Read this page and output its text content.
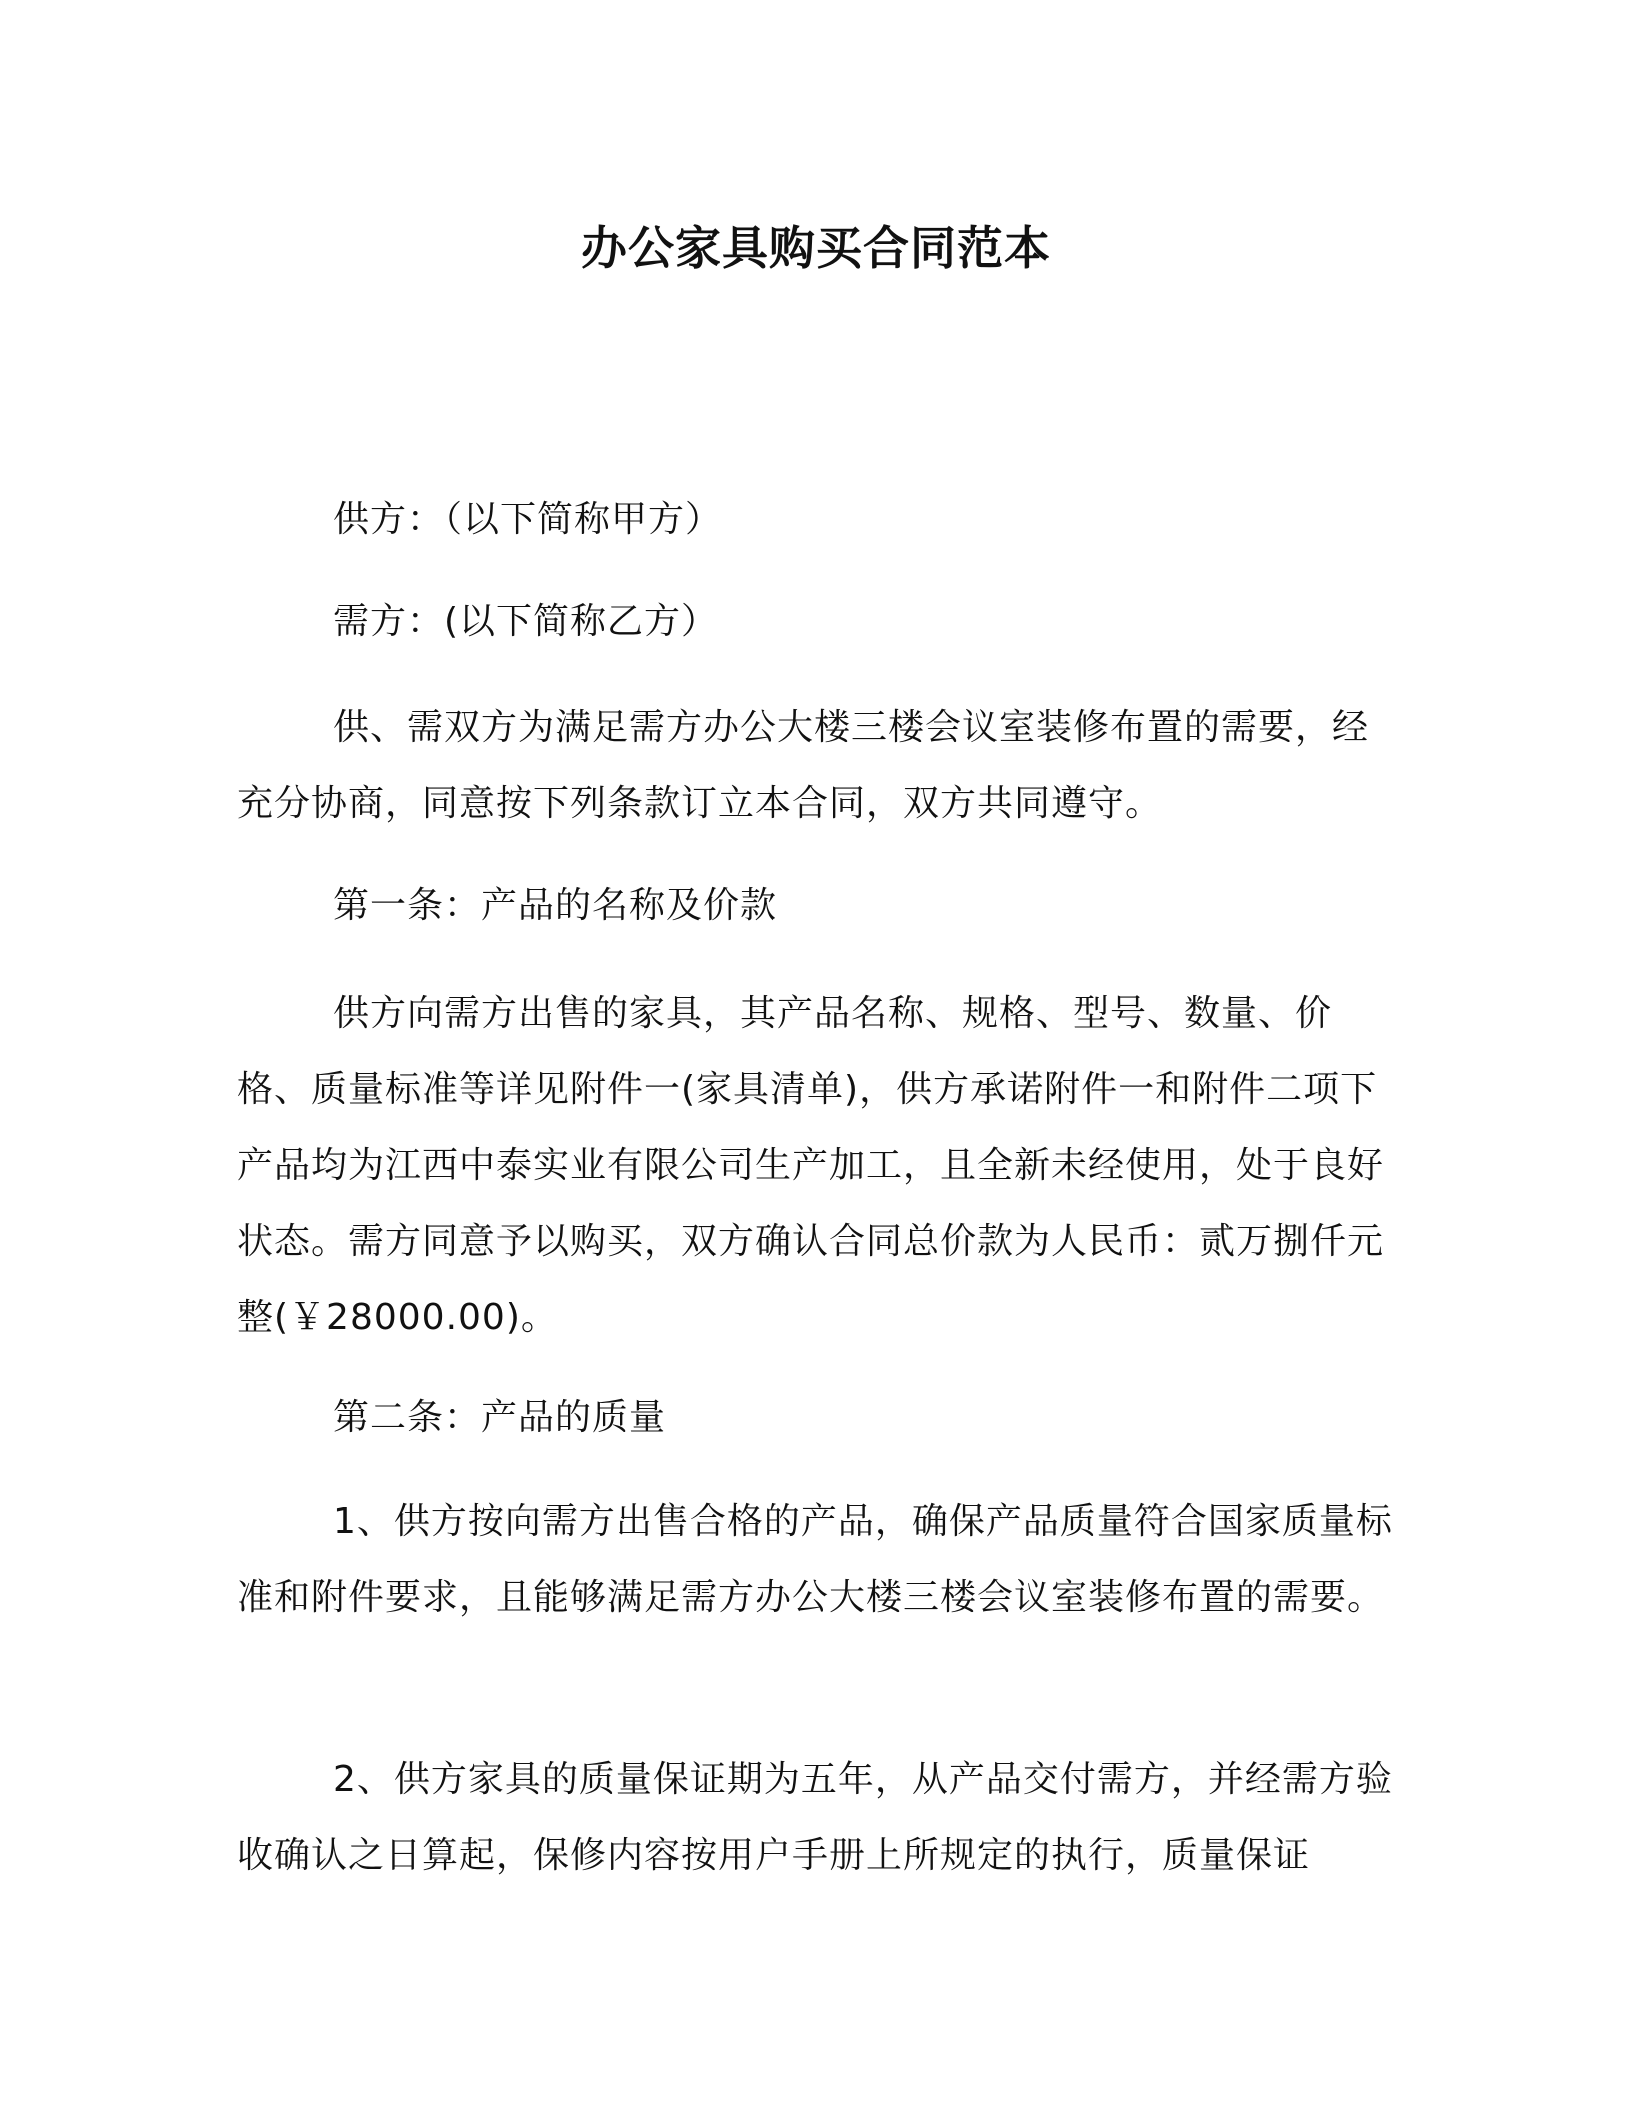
办公家具购买合同范本

供方：（以下简称甲方）

需方：(以下简称乙方）

供、需双方为满足需方办公大楼三楼会议室装修布置的需要，经充分协商，同意按下列条款订立本合同，双方共同遵守。

第一条：产品的名称及价款

供方向需方出售的家具，其产品名称、规格、型号、数量、价格、质量标准等详见附件一(家具清单)，供方承诺附件一和附件二项下产品均为江西中泰实业有限公司生产加工，且全新未经使用，处于良好状态。需方同意予以购买，双方确认合同总价款为人民币：贰万捌仟元整(￥28000.00)。

第二条：产品的质量

1、供方按向需方出售合格的产品，确保产品质量符合国家质量标准和附件要求，且能够满足需方办公大楼三楼会议室装修布置的需要。

2、供方家具的质量保证期为五年，从产品交付需方，并经需方验收确认之日算起，保修内容按用户手册上所规定的执行，质量保证
